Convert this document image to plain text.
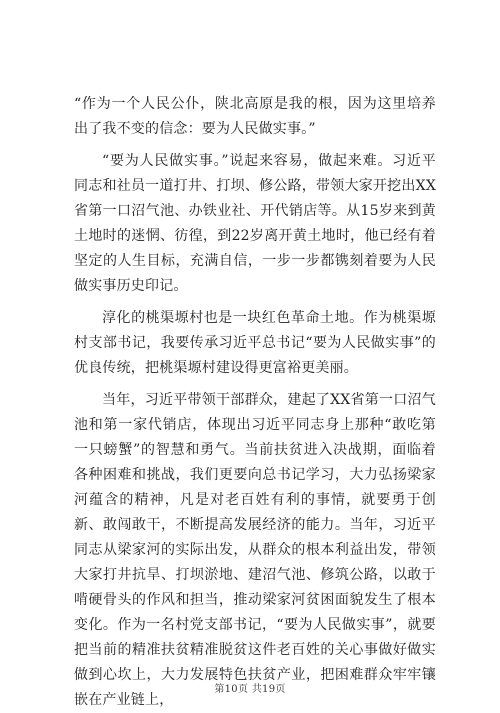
“作为一个人民公仆，陕北高原是我的根，因为这里培养出了我不变的信念：要为人民做实事。”

“要为人民做实事。”说起来容易，做起来难。习近平同志和社员一道打井、打坝、修公路，带领大家开挖出XX省第一口沼气池、办铁业社、开代销店等。从15岁来到黄土地时的迷惘、彷徨，到22岁离开黄土地时，他已经有着坚定的人生目标，充满自信，一步一步都镌刻着要为人民做实事历史印记。

淳化的桃渠塬村也是一块红色革命土地。作为桃渠塬村支部书记，我要传承习近平总书记“要为人民做实事”的优良传统，把桃渠塬村建设得更富裕更美丽。

当年，习近平带领干部群众，建起了XX省第一口沼气池和第一家代销店，体现出习近平同志身上那种“敢吃第一只螃蟹”的智慧和勇气。当前扶贫进入决战期，面临着各种困难和挑战，我们更要向总书记学习，大力弘扬梁家河蕴含的精神，凡是对老百姓有利的事情，就要勇于创新、敢闯敢干，不断提高发展经济的能力。当年，习近平同志从梁家河的实际出发，从群众的根本利益出发，带领大家打井抗旱、打坝淤地、建沼气池、修筑公路，以敢于啃硬骨头的作风和担当，推动梁家河贫困面貌发生了根本变化。作为一名村党支部书记，“要为人民做实事”，就要把当前的精准扶贫精准脱贫这件老百姓的关心事做好做实做到心坎上，大力发展特色扶贫产业，把困难群众牢牢镶嵌在产业链上，

第10页 共19页
